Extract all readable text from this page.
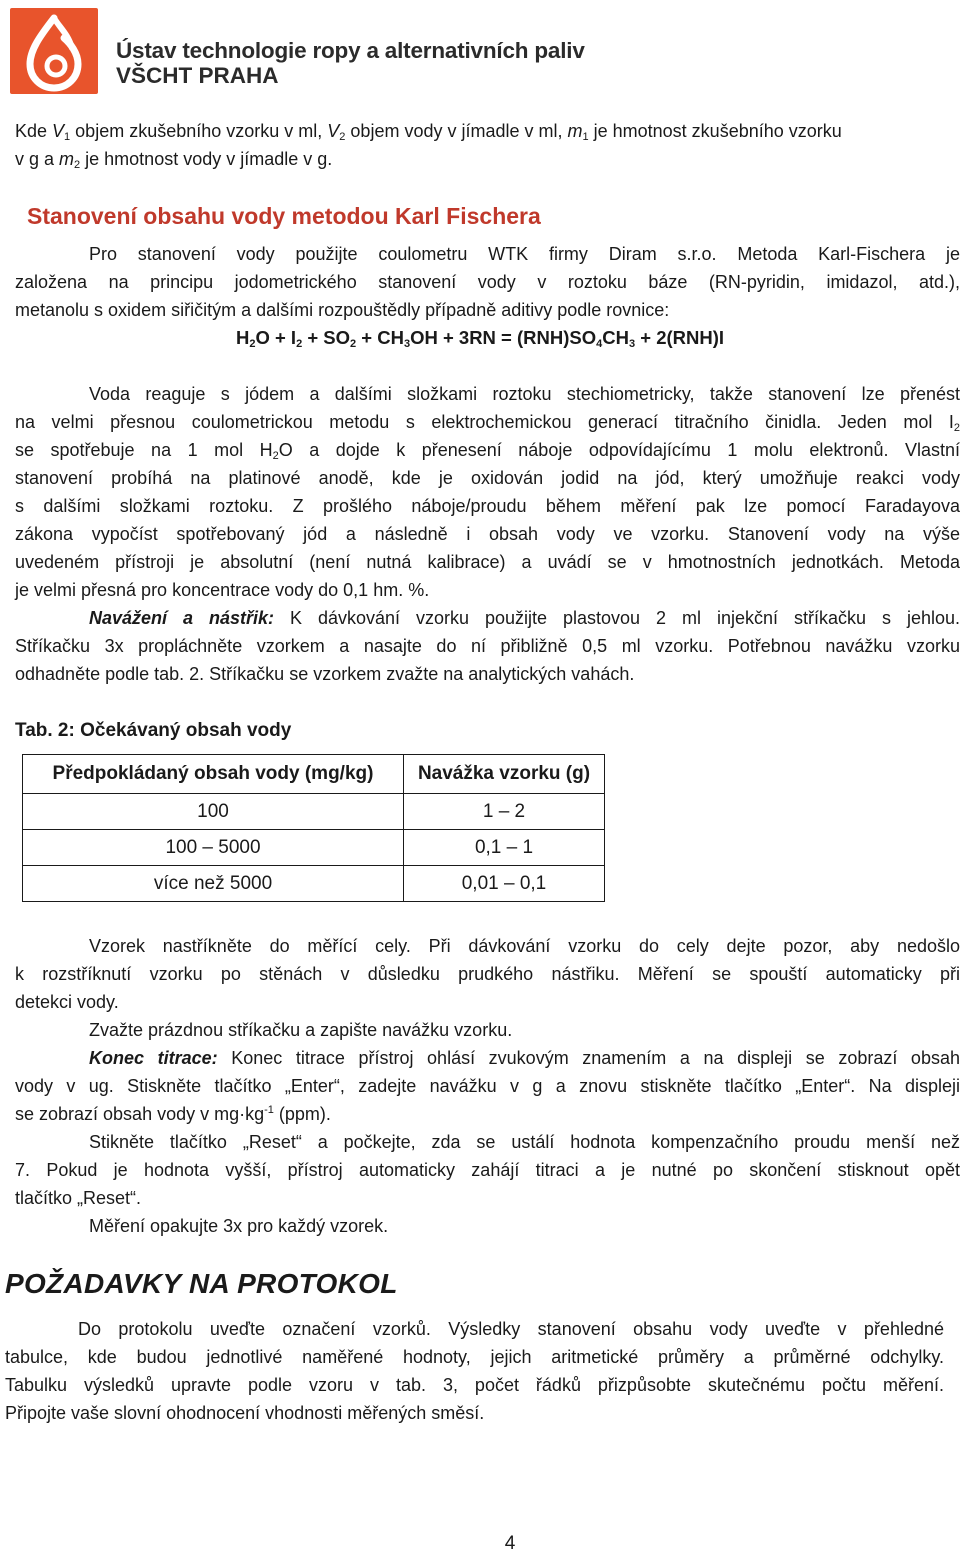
Ústav technologie ropy a alternativních paliv
VŠCHT PRAHA
Kde $V_1$ objem zkušebního vzorku v ml, $V_2$ objem vody v jímadle v ml, $m_1$ je hmotnost zkušebního vzorku
v g a $m_2$ je hmotnost vody v jímadle v g.
Stanovení obsahu vody metodou Karl Fischera
Pro stanovení vody použijte coulometru WTK firmy Diram s.r.o. Metoda Karl-Fischera je
založena na principu jodometrického stanovení vody v roztoku báze (RN-pyridin, imidazol, atd.),
metanolu s oxidem siřičitým a dalšími rozpouštědly případně aditivy podle rovnice:
$H_2O + I_2 + SO_2 + CH_3OH + 3RN = (RNH)SO_4CH_3 + 2(RNH)I$
Voda reaguje s jódem a dalšími složkami roztoku stechiometricky, takže stanovení lze přenést
na velmi přesnou coulometrickou metodu s elektrochemickou generací titračního činidla. Jeden mol $I_2$
se spotřebuje na 1 mol $H_2O$ a dojde k přenesení náboje odpovídajícímu 1 molu elektronů. Vlastní
stanovení probíhá na platinové anodě, kde je oxidován jodid na jód, který umožňuje reakci vody
s dalšími složkami roztoku. Z prošlého náboje/proudu během měření pak lze pomocí Faradayova
zákona vypočíst spotřebovaný jód a následně i obsah vody ve vzorku. Stanovení vody na výše
uvedeném přístroji je absolutní (není nutná kalibrace) a uvádí se v hmotnostních jednotkách. Metoda
je velmi přesná pro koncentrace vody do 0,1 hm. %.
Navážení a nástřik: K dávkování vzorku použijte plastovou 2 ml injekční stříkačku s jehlou.
Stříkačku 3x propláchněte vzorkem a nasajte do ní přibližně 0,5 ml vzorku. Potřebnou navážku vzorku
odhadněte podle tab. 2. Stříkačku se vzorkem zvažte na analytických vahách.
Tab. 2: Očekávaný obsah vody
Předpokládaný obsah vody (mg/kg)	Navážka vzorku (g)
100	1 – 2
100 – 5000	0,1 – 1
více než 5000	0,01 – 0,1
Vzorek nastříkněte do měřící cely. Při dávkování vzorku do cely dejte pozor, aby nedošlo
k rozstříknutí vzorku po stěnách v důsledku prudkého nástřiku. Měření se spouští automaticky při
detekci vody.
Zvažte prázdnou stříkačku a zapište navážku vzorku.
Konec titrace: Konec titrace přístroj ohlásí zvukovým znamením a na displeji se zobrazí obsah
vody v ug. Stiskněte tlačítko „Enter“, zadejte navážku v g a znovu stiskněte tlačítko „Enter“. Na displeji
se zobrazí obsah vody v $mg\cdot kg^{-1}$ (ppm).
Stikněte tlačítko „Reset“ a počkejte, zda se ustálí hodnota kompenzačního proudu menší než
7. Pokud je hodnota vyšší, přístroj automaticky zahájí titraci a je nutné po skončení stisknout opět
tlačítko „Reset“.
Měření opakujte 3x pro každý vzorek.
POŽADAVKY NA PROTOKOL
Do protokolu uveďte označení vzorků. Výsledky stanovení obsahu vody uveďte v přehledné
tabulce, kde budou jednotlivé naměřené hodnoty, jejich aritmetické průměry a průměrné odchylky.
Tabulku výsledků upravte podle vzoru v tab. 3, počet řádků přizpůsobte skutečnému počtu měření.
Připojte vaše slovní ohodnocení vhodnosti měřených směsí.
4
